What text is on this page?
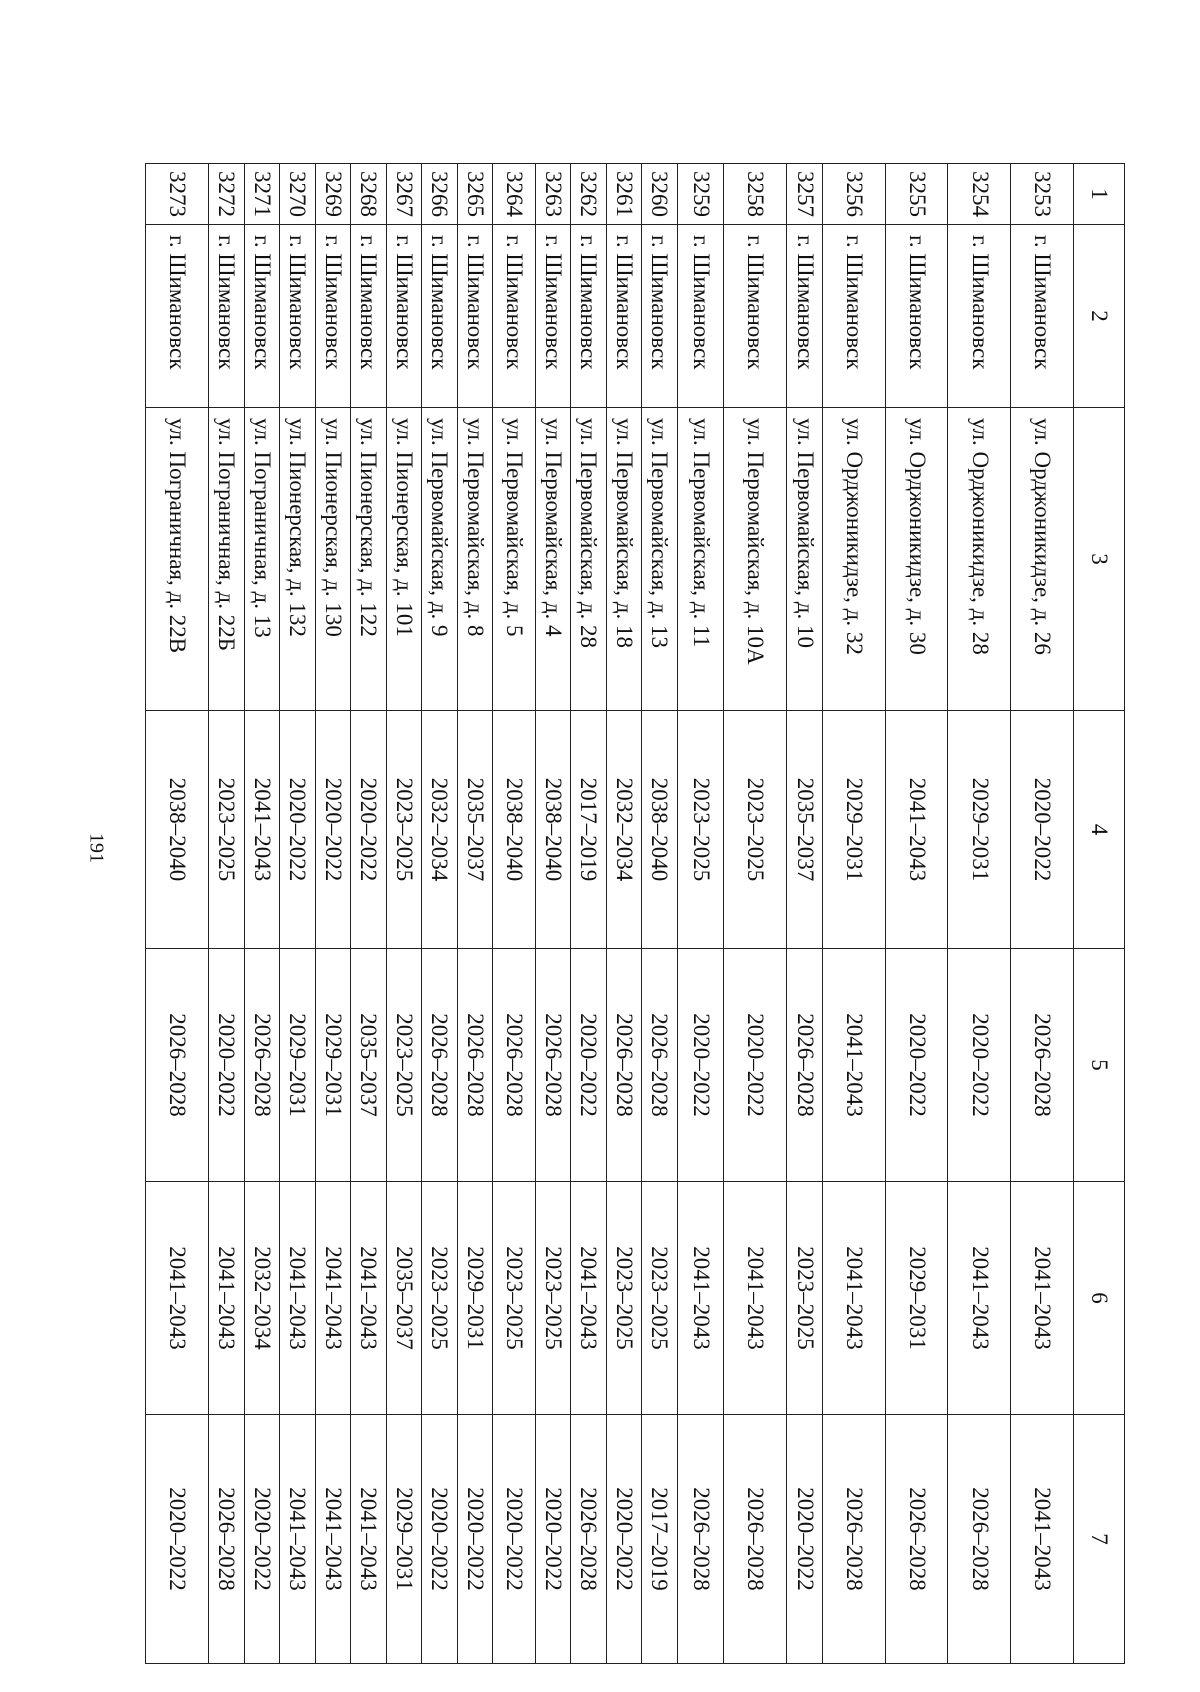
191
1	2	3	4	5	6	7
3253	г. Шимановск	ул. Орджоникидзе, д. 26	2020–2022	2026–2028	2041–2043	2041–2043
3254	г. Шимановск	ул. Орджоникидзе, д. 28	2029–2031	2020–2022	2041–2043	2026–2028
3255	г. Шимановск	ул. Орджоникидзе, д. 30	2041–2043	2020–2022	2029–2031	2026–2028
3256	г. Шимановск	ул. Орджоникидзе, д. 32	2029–2031	2041–2043	2041–2043	2026–2028
3257	г. Шимановск	ул. Первомайская, д. 10	2035–2037	2026–2028	2023–2025	2020–2022
3258	г. Шимановск	ул. Первомайская, д. 10А	2023–2025	2020–2022	2041–2043	2026–2028
3259	г. Шимановск	ул. Первомайская, д. 11	2023–2025	2020–2022	2041–2043	2026–2028
3260	г. Шимановск	ул. Первомайская, д. 13	2038–2040	2026–2028	2023–2025	2017–2019
3261	г. Шимановск	ул. Первомайская, д. 18	2032–2034	2026–2028	2023–2025	2020–2022
3262	г. Шимановск	ул. Первомайская, д. 28	2017–2019	2020–2022	2041–2043	2026–2028
3263	г. Шимановск	ул. Первомайская, д. 4	2038–2040	2026–2028	2023–2025	2020–2022
3264	г. Шимановск	ул. Первомайская, д. 5	2038–2040	2026–2028	2023–2025	2020–2022
3265	г. Шимановск	ул. Первомайская, д. 8	2035–2037	2026–2028	2029–2031	2020–2022
3266	г. Шимановск	ул. Первомайская, д. 9	2032–2034	2026–2028	2023–2025	2020–2022
3267	г. Шимановск	ул. Пионерская, д. 101	2023–2025	2023–2025	2035–2037	2029–2031
3268	г. Шимановск	ул. Пионерская, д. 122	2020–2022	2035–2037	2041–2043	2041–2043
3269	г. Шимановск	ул. Пионерская, д. 130	2020–2022	2029–2031	2041–2043	2041–2043
3270	г. Шимановск	ул. Пионерская, д. 132	2020–2022	2029–2031	2041–2043	2041–2043
3271	г. Шимановск	ул. Пограничная, д. 13	2041–2043	2026–2028	2032–2034	2020–2022
3272	г. Шимановск	ул. Пограничная, д. 22Б	2023–2025	2020–2022	2041–2043	2026–2028
3273	г. Шимановск	ул. Пограничная, д. 22В	2038–2040	2026–2028	2041–2043	2020–2022
